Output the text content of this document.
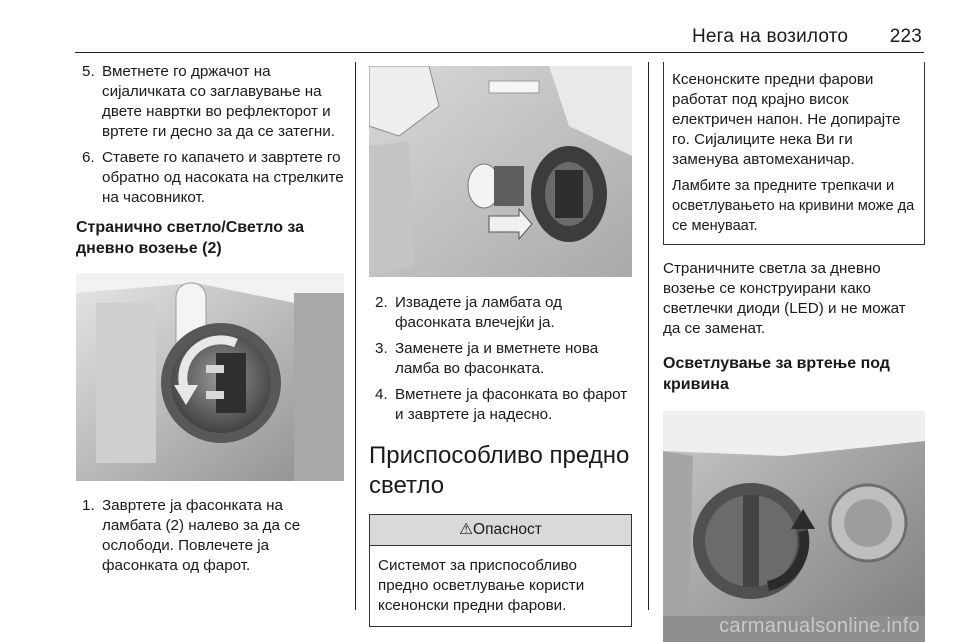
Нега на возилото 223
5. Вметнете го држачот на сијаличката со заглавување на двете навртки во рефлекторот и вртете ги десно за да се затегни.
6. Ставете го капачето и завртете го обратно од насоката на стрелките на часовникот.
Странично светло/Светло за дневно возење (2)
1. Завртете ја фасонката на ламбата (2) налево за да се ослободи. Повлечете ја фасонката од фарот.
2. Извадете ја ламбата од фасонката влечејќи ја.
3. Заменете ја и вметнете нова ламба во фасонката.
4. Вметнете ја фасонката во фарот и завртете ја надесно.
Приспособливо предно светло
⚠Опасност
Системот за приспособливо предно осветлување користи ксенонски предни фарови.

Ксенонските предни фарови работат под крајно висок електричен напон. Не допирајте го. Сијалиците нека Ви ги заменува автомеханичар.

Ламбите за предните трепкачи и осветлувањето на кривини може да се менуваат.

Страничните светла за дневно возење се конструирани како светлечки диоди (LED) и не можат да се заменат.

Осветлување за вртење под кривина
carmanualsonline.info
